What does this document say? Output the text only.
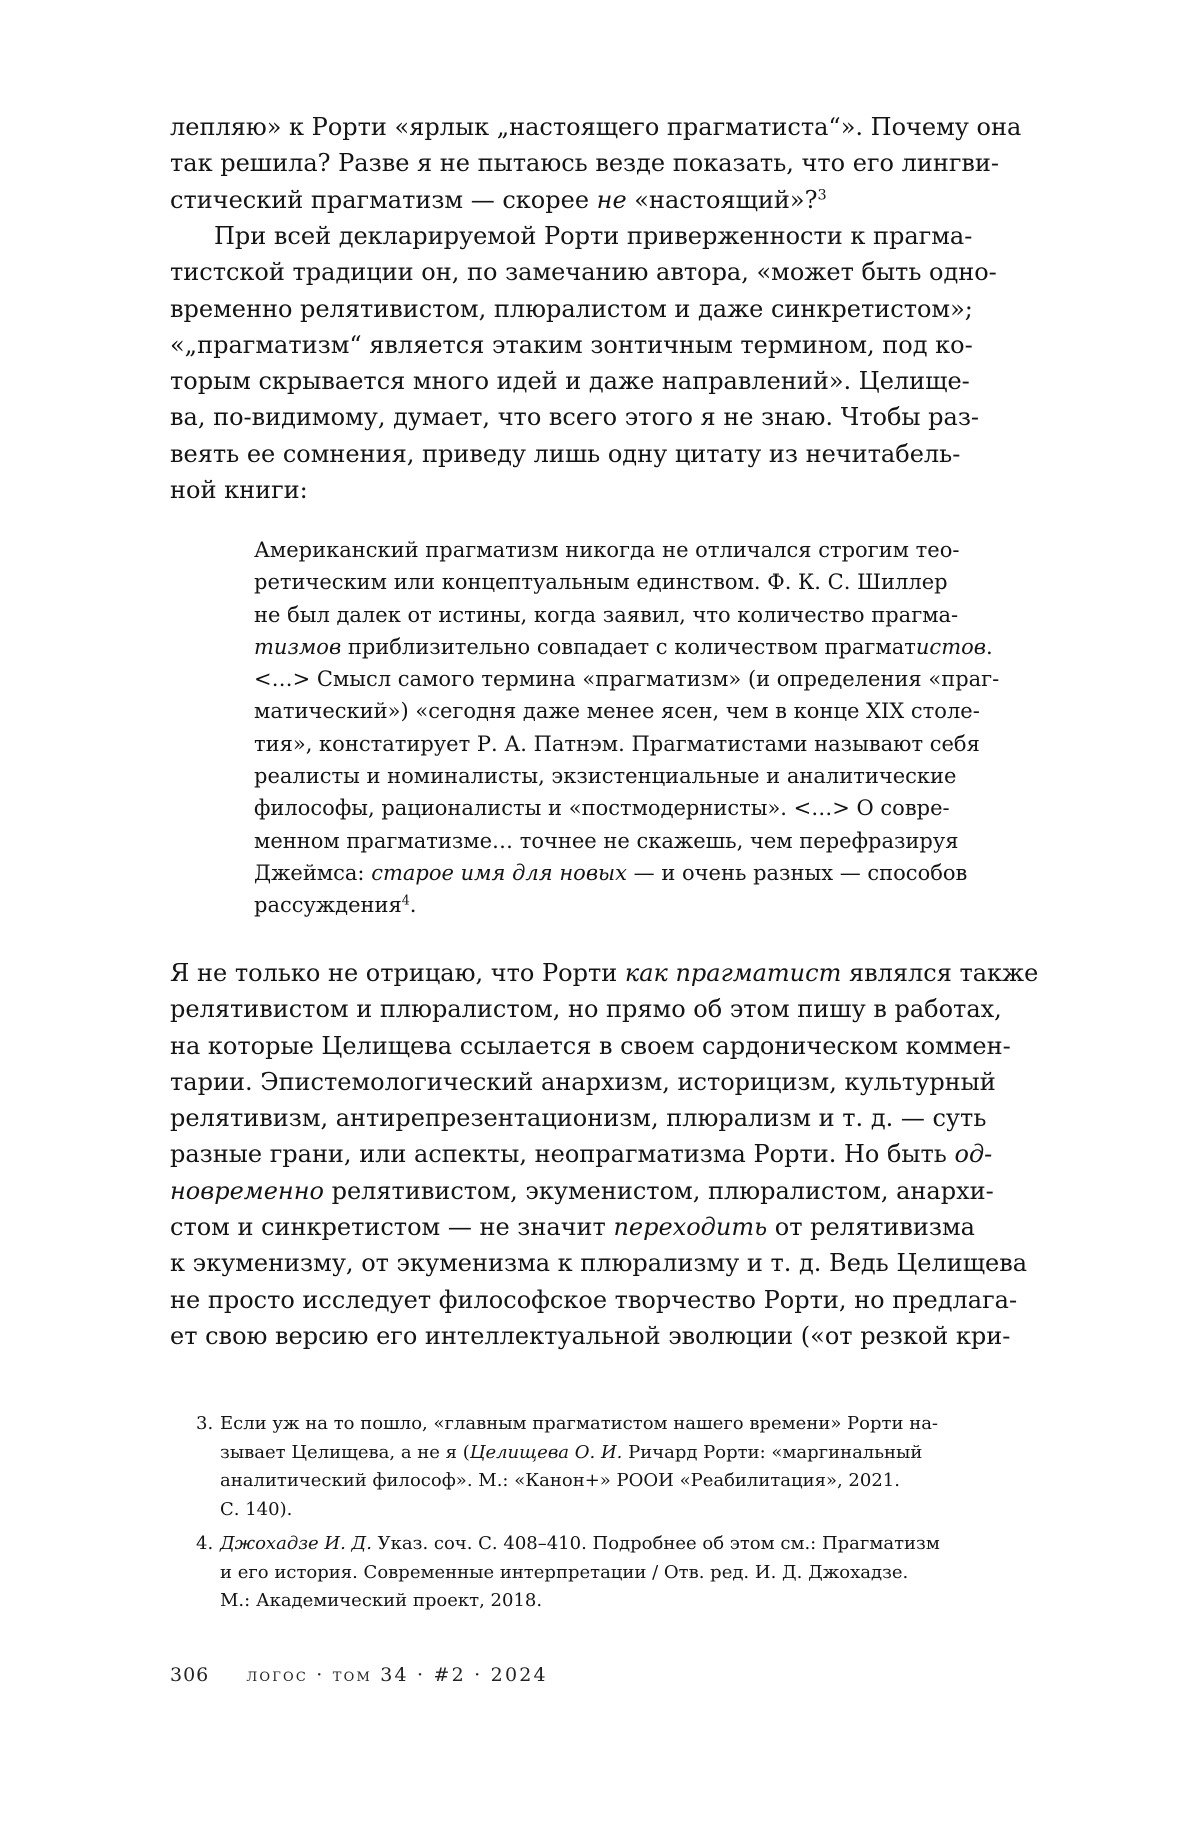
лепляю» к Рорти «ярлык „настоящего прагматиста“». Почему она
так решила? Разве я не пытаюсь везде показать, что его лингви-
стический прагматизм — скорее не «настоящий»?$^3$
При всей декларируемой Рорти приверженности к прагма-
тистской традиции он, по замечанию автора, «может быть одно-
временно релятивистом, плюралистом и даже синкретистом»;
«„прагматизм“ является этаким зонтичным термином, под ко-
торым скрывается много идей и даже направлений». Целище-
ва, по-видимому, думает, что всего этого я не знаю. Чтобы раз-
веять ее сомнения, приведу лишь одну цитату из нечитабель-
ной книги:
Американский прагматизм никогда не отличался строгим тео-
ретическим или концептуальным единством. Ф. К. С. Шиллер
не был далек от истины, когда заявил, что количество прагма-
тизмов приблизительно совпадает с количеством прагматистов.
<…> Смысл самого термина «прагматизм» (и определения «праг-
матический») «сегодня даже менее ясен, чем в конце XIX столе-
тия», констатирует Р. А. Патнэм. Прагматистами называют себя
реалисты и номиналисты, экзистенциальные и аналитические
философы, рационалисты и «постмодернисты». <…> О совре-
менном прагматизме… точнее не скажешь, чем перефразируя
Джеймса: старое имя для новых — и очень разных — способов
рассуждения$^4$.
Я не только не отрицаю, что Рорти как прагматист являлся также
релятивистом и плюралистом, но прямо об этом пишу в работах,
на которые Целищева ссылается в своем сардоническом коммен-
тарии. Эпистемологический анархизм, историцизм, культурный
релятивизм, антирепрезентационизм, плюрализм и т. д. — суть
разные грани, или аспекты, неопрагматизма Рорти. Но быть од-
новременно релятивистом, экуменистом, плюралистом, анархи-
стом и синкретистом — не значит переходить от релятивизма
к экуменизму, от экуменизма к плюрализму и т. д. Ведь Целищева
не просто исследует философское творчество Рорти, но предлага-
ет свою версию его интеллектуальной эволюции («от резкой кри-
3. Если уж на то пошло, «главным прагматистом нашего времени» Рорти на-
зывает Целищева, а не я (Целищева О. И. Ричард Рорти: «маргинальный
аналитический философ». М.: «Канон+» РООИ «Реабилитация», 2021.
С. 140).
4. Джохадзе И. Д. Указ. соч. С. 408–410. Подробнее об этом см.: Прагматизм
и его история. Современные интерпретации / Отв. ред. И. Д. Джохадзе.
М.: Академический проект, 2018.
306 логос · том 34 · #2 · 2024
